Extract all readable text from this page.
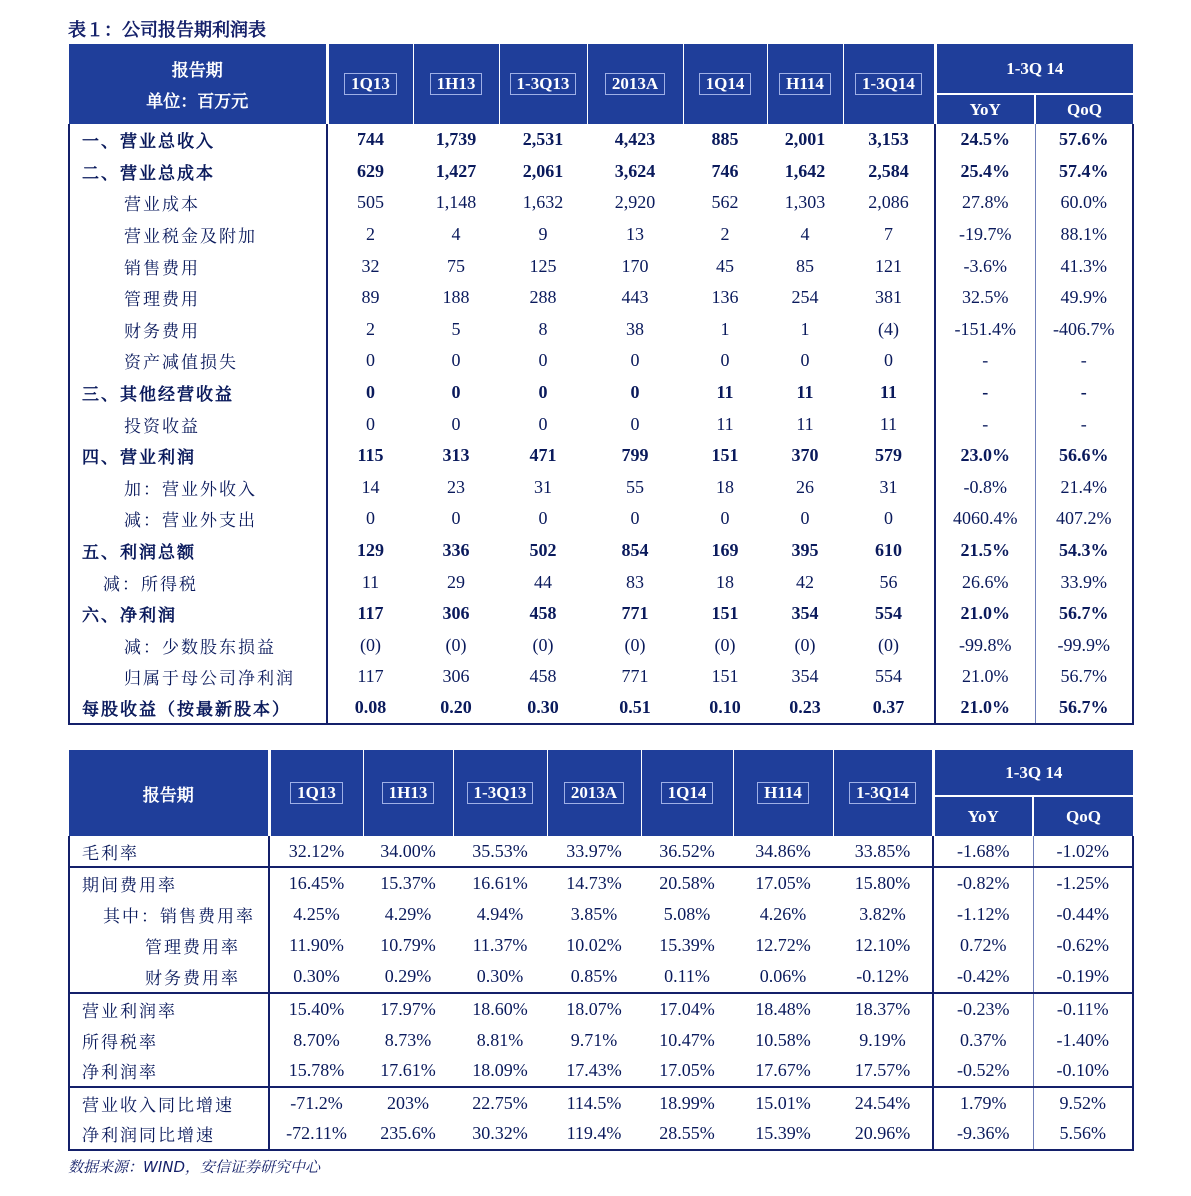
表１：公司报告期利润表
报告期
单位：百万元	1Q13	1H13	1-3Q13	2013A	1Q14	H114	1-3Q14	1-3Q 14	
								YoY	QoQ
一、营业总收入	744	1,739	2,531	4,423	885	2,001	3,153	24.5%	57.6%
二、营业总成本	629	1,427	2,061	3,624	746	1,642	2,584	25.4%	57.4%
营业成本	505	1,148	1,632	2,920	562	1,303	2,086	27.8%	60.0%
营业税金及附加	2	4	9	13	2	4	7	-19.7%	88.1%
销售费用	32	75	125	170	45	85	121	-3.6%	41.3%
管理费用	89	188	288	443	136	254	381	32.5%	49.9%
财务费用	2	5	8	38	1	1	(4)	-151.4%	-406.7%
资产减值损失	0	0	0	0	0	0	0	-	-
三、其他经营收益	0	0	0	0	11	11	11	-	-
投资收益	0	0	0	0	11	11	11	-	-
四、营业利润	115	313	471	799	151	370	579	23.0%	56.6%
加：营业外收入	14	23	31	55	18	26	31	-0.8%	21.4%
减：营业外支出	0	0	0	0	0	0	0	4060.4%	407.2%
五、利润总额	129	336	502	854	169	395	610	21.5%	54.3%
减：所得税	11	29	44	83	18	42	56	26.6%	33.9%
六、净利润	117	306	458	771	151	354	554	21.0%	56.7%
减：少数股东损益	(0)	(0)	(0)	(0)	(0)	(0)	(0)	-99.8%	-99.9%
归属于母公司净利润	117	306	458	771	151	354	554	21.0%	56.7%
每股收益（按最新股本）	0.08	0.20	0.30	0.51	0.10	0.23	0.37	21.0%	56.7%
报告期	1Q13	1H13	1-3Q13	2013A	1Q14	H114	1-3Q14	1-3Q 14	
								YoY	QoQ
毛利率	32.12%	34.00%	35.53%	33.97%	36.52%	34.86%	33.85%	-1.68%	-1.02%
期间费用率	16.45%	15.37%	16.61%	14.73%	20.58%	17.05%	15.80%	-0.82%	-1.25%
其中：销售费用率	4.25%	4.29%	4.94%	3.85%	5.08%	4.26%	3.82%	-1.12%	-0.44%
管理费用率	11.90%	10.79%	11.37%	10.02%	15.39%	12.72%	12.10%	0.72%	-0.62%
财务费用率	0.30%	0.29%	0.30%	0.85%	0.11%	0.06%	-0.12%	-0.42%	-0.19%
营业利润率	15.40%	17.97%	18.60%	18.07%	17.04%	18.48%	18.37%	-0.23%	-0.11%
所得税率	8.70%	8.73%	8.81%	9.71%	10.47%	10.58%	9.19%	0.37%	-1.40%
净利润率	15.78%	17.61%	18.09%	17.43%	17.05%	17.67%	17.57%	-0.52%	-0.10%
营业收入同比增速	-71.2%	203%	22.75%	114.5%	18.99%	15.01%	24.54%	1.79%	9.52%
净利润同比增速	-72.11%	235.6%	30.32%	119.4%	28.55%	15.39%	20.96%	-9.36%	5.56%
数据来源：WIND，安信证券研究中心
